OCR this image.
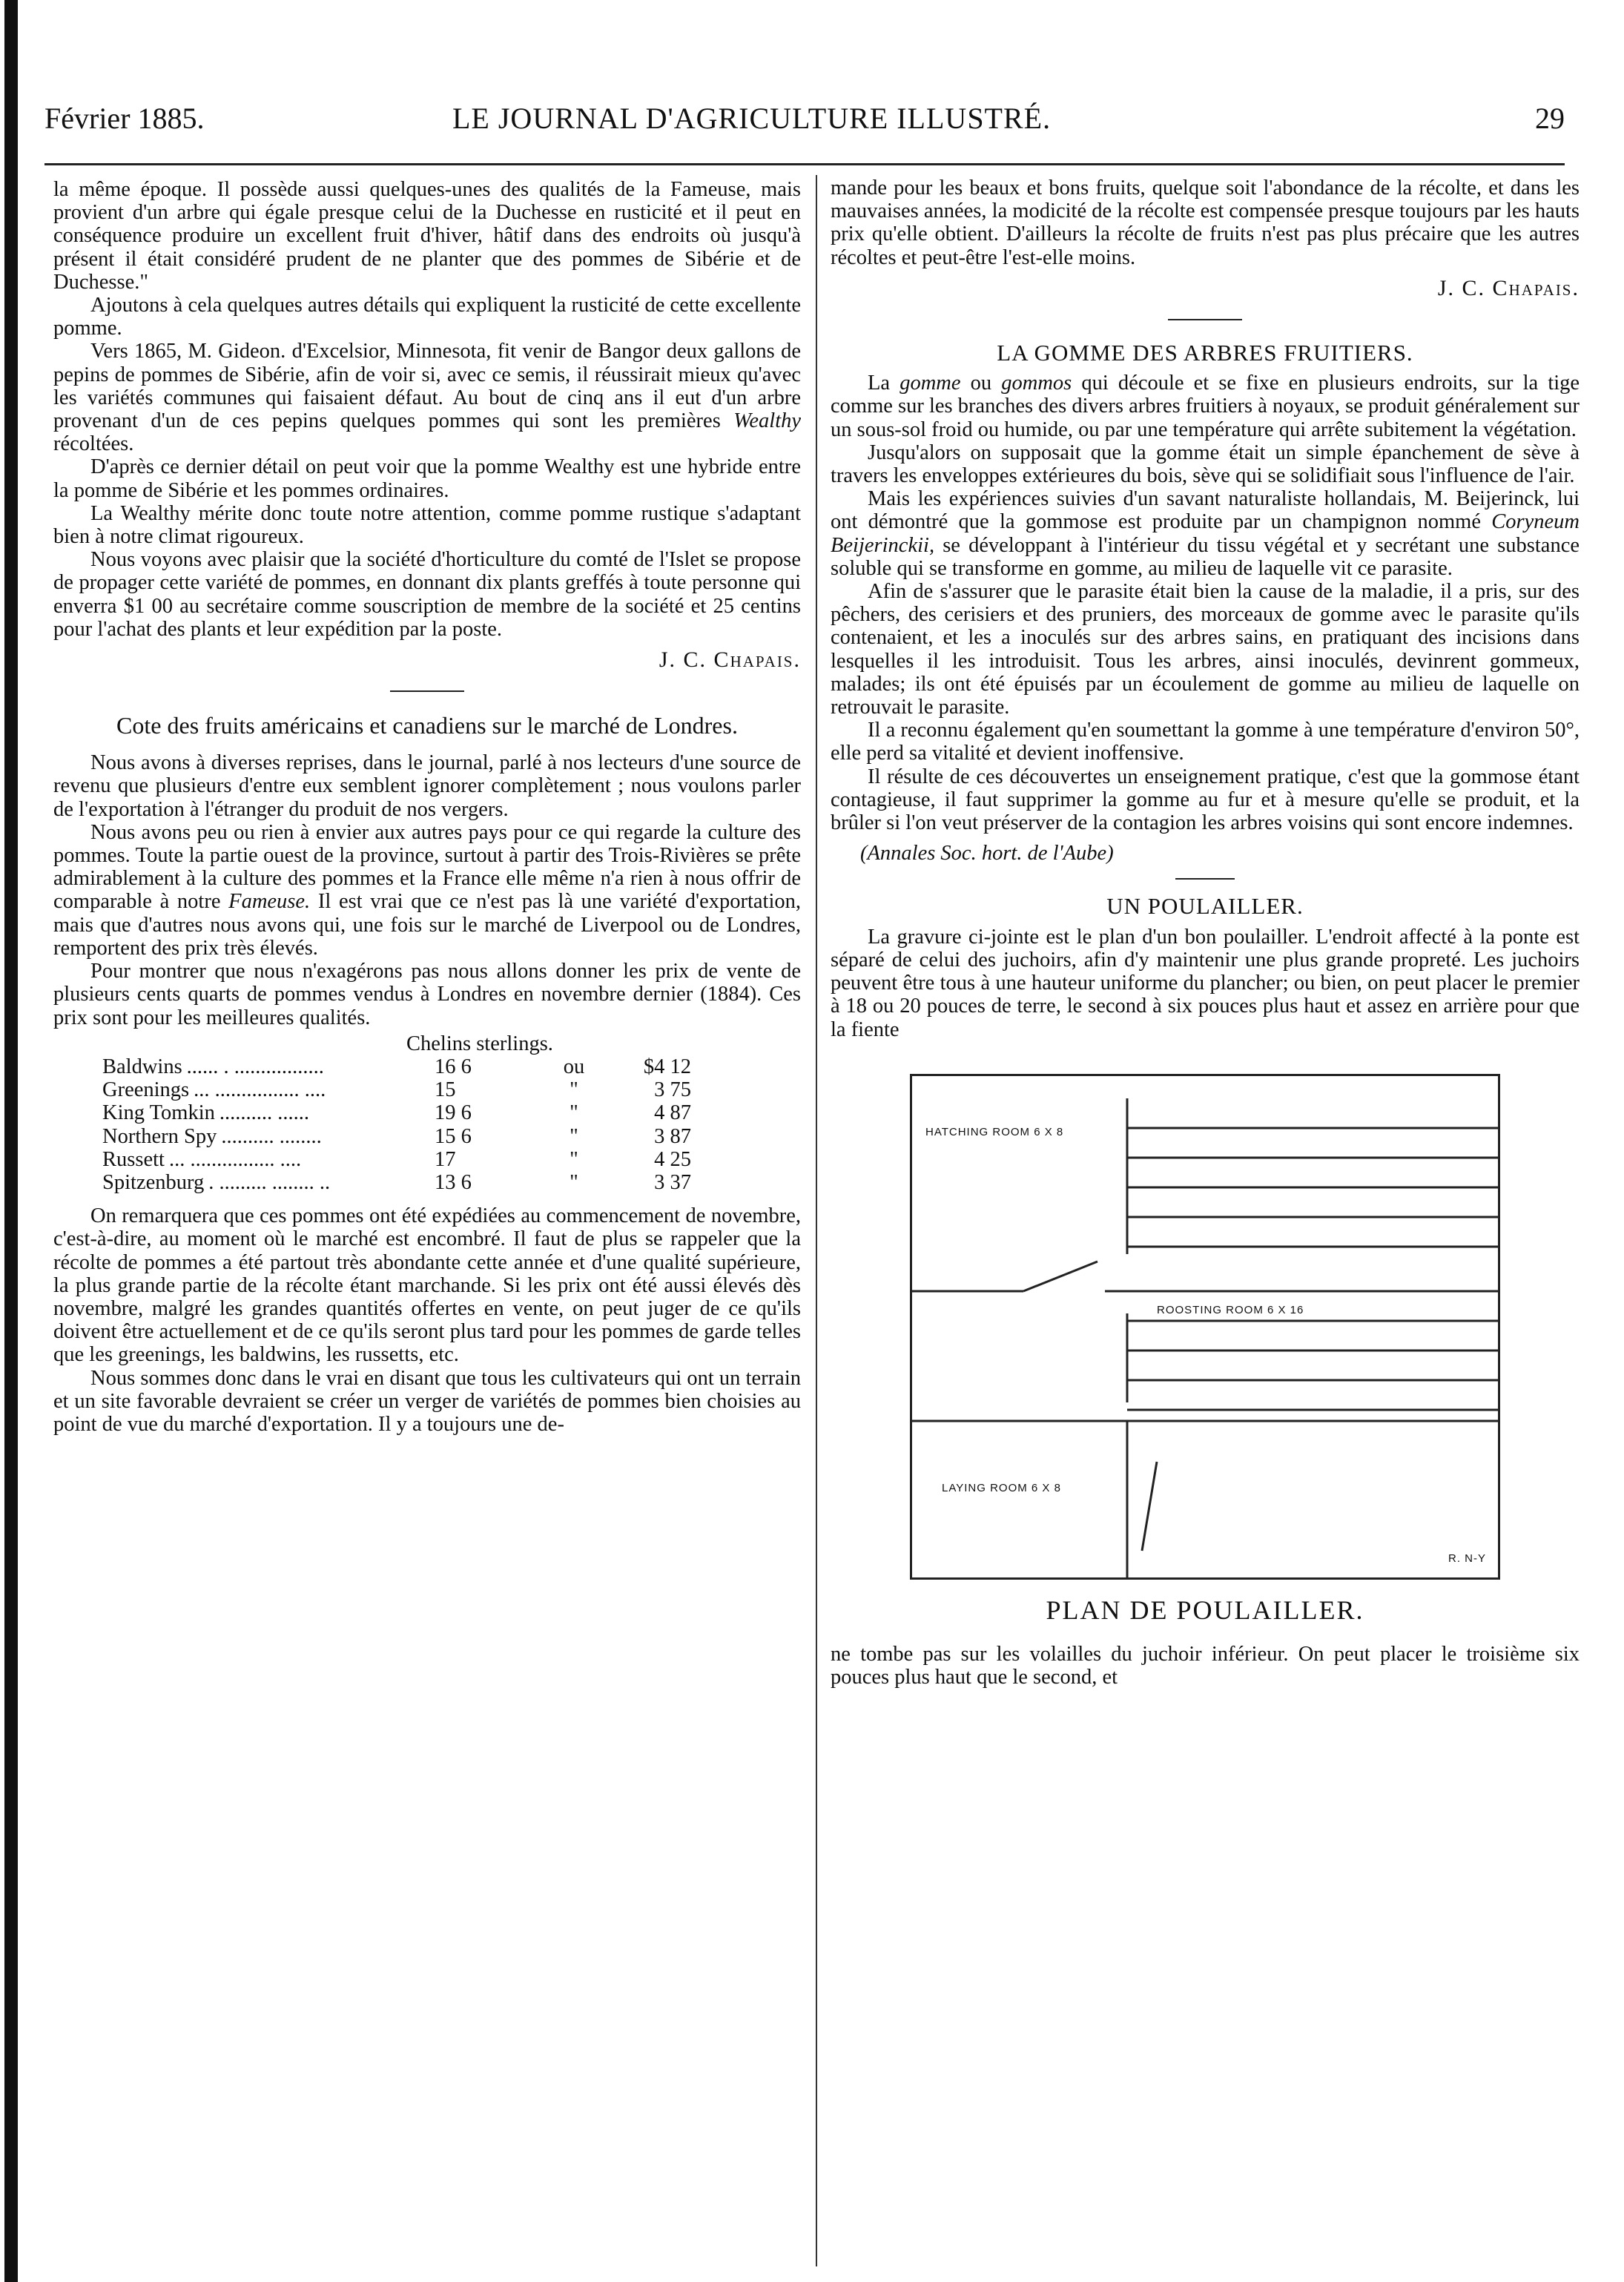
Février 1885.	LE JOURNAL D'AGRICULTURE ILLUSTRÉ.	29

la même époque. Il possède aussi quelques-unes des qualités de la Fameuse, mais provient d'un arbre qui égale presque celui de la Duchesse en rusticité et il peut en conséquence produire un excellent fruit d'hiver, hâtif dans des endroits où jusqu'à présent il était considéré prudent de ne planter que des pommes de Sibérie et de Duchesse."

Ajoutons à cela quelques autres détails qui expliquent la rusticité de cette excellente pomme.

Vers 1865, M. Gideon. d'Excelsior, Minnesota, fit venir de Bangor deux gallons de pepins de pommes de Sibérie, afin de voir si, avec ce semis, il réussirait mieux qu'avec les variétés communes qui faisaient défaut. Au bout de cinq ans il eut d'un arbre provenant d'un de ces pepins quelques pommes qui sont les premières Wealthy récoltées.

D'après ce dernier détail on peut voir que la pomme Wealthy est une hybride entre la pomme de Sibérie et les pommes ordinaires.

La Wealthy mérite donc toute notre attention, comme pomme rustique s'adaptant bien à notre climat rigoureux.

Nous voyons avec plaisir que la société d'horticulture du comté de l'Islet se propose de propager cette variété de pommes, en donnant dix plants greffés à toute personne qui enverra $1 00 au secrétaire comme souscription de membre de la société et 25 centins pour l'achat des plants et leur expédition par la poste.

J. C. Chapais.
Cote des fruits américains et canadiens sur le marché de Londres.

Nous avons à diverses reprises, dans le journal, parlé à nos lecteurs d'une source de revenu que plusieurs d'entre eux semblent ignorer complètement ; nous voulons parler de l'exportation à l'étranger du produit de nos vergers.

Nous avons peu ou rien à envier aux autres pays pour ce qui regarde la culture des pommes. Toute la partie ouest de la province, surtout à partir des Trois-Rivières se prête admirablement à la culture des pommes et la France elle même n'a rien à nous offrir de comparable à notre Fameuse. Il est vrai que ce n'est pas là une variété d'exportation, mais que d'autres nous avons qui, une fois sur le marché de Liverpool ou de Londres, remportent des prix très élevés.

Pour montrer que nous n'exagérons pas nous allons donner les prix de vente de plusieurs cents quarts de pommes vendus à Londres en novembre dernier (1884). Ces prix sont pour les meilleures qualités.

Chelins sterlings.			
Baldwins ...... . .................	16 6	ou	$4 12
Greenings ... ................ ....	15	"	3 75
King Tomkin .......... ......	19 6	"	4 87
Northern Spy .......... ........	15 6	"	3 87
Russett ... ................ ....	17	"	4 25
Spitzenburg . ......... ........ ..	13 6	"	3 37

On remarquera que ces pommes ont été expédiées au commencement de novembre, c'est-à-dire, au moment où le marché est encombré. Il faut de plus se rappeler que la récolte de pommes a été partout très abondante cette année et d'une qualité supérieure, la plus grande partie de la récolte étant marchande. Si les prix ont été aussi élevés dès novembre, malgré les grandes quantités offertes en vente, on peut juger de ce qu'ils doivent être actuellement et de ce qu'ils seront plus tard pour les pommes de garde telles que les greenings, les baldwins, les russetts, etc.

Nous sommes donc dans le vrai en disant que tous les cultivateurs qui ont un terrain et un site favorable devraient se créer un verger de variétés de pommes bien choisies au point de vue du marché d'exportation. Il y a toujours une de-

mande pour les beaux et bons fruits, quelque soit l'abondance de la récolte, et dans les mauvaises années, la modicité de la récolte est compensée presque toujours par les hauts prix qu'elle obtient. D'ailleurs la récolte de fruits n'est pas plus précaire que les autres récoltes et peut-être l'est-elle moins.

J. C. Chapais.
LA GOMME DES ARBRES FRUITIERS.

La gomme ou gommos qui découle et se fixe en plusieurs endroits, sur la tige comme sur les branches des divers arbres fruitiers à noyaux, se produit généralement sur un sous-sol froid ou humide, ou par une température qui arrête subitement la végétation.

Jusqu'alors on supposait que la gomme était un simple épanchement de sève à travers les enveloppes extérieures du bois, sève qui se solidifiait sous l'influence de l'air.

Mais les expériences suivies d'un savant naturaliste hollandais, M. Beijerinck, lui ont démontré que la gommose est produite par un champignon nommé Coryneum Beijerinckii, se développant à l'intérieur du tissu végétal et y secrétant une substance soluble qui se transforme en gomme, au milieu de laquelle vit ce parasite.

Afin de s'assurer que le parasite était bien la cause de la maladie, il a pris, sur des pêchers, des cerisiers et des pruniers, des morceaux de gomme avec le parasite qu'ils contenaient, et les a inoculés sur des arbres sains, en pratiquant des incisions dans lesquelles il les introduisit. Tous les arbres, ainsi inoculés, devinrent gommeux, malades; ils ont été épuisés par un écoulement de gomme au milieu de laquelle on retrouvait le parasite.

Il a reconnu également qu'en soumettant la gomme à une température d'environ 50°, elle perd sa vitalité et devient inoffensive.

Il résulte de ces découvertes un enseignement pratique, c'est que la gommose étant contagieuse, il faut supprimer la gomme au fur et à mesure qu'elle se produit, et la brûler si l'on veut préserver de la contagion les arbres voisins qui sont encore indemnes.

(Annales Soc. hort. de l'Aube)
UN POULAILLER.

La gravure ci-jointe est le plan d'un bon poulailler. L'endroit affecté à la ponte est séparé de celui des juchoirs, afin d'y maintenir une plus grande propreté. Les juchoirs peuvent être tous à une hauteur uniforme du plancher; ou bien, on peut placer le premier à 18 ou 20 pouces de terre, le second à six pouces plus haut et assez en arrière pour que la fiente

HATCHING ROOM 6 X 8
ROOSTING ROOM 6 X 16
LAYING ROOM 6 X 8
R. N-Y
PLAN DE POULAILLER.

ne tombe pas sur les volailles du juchoir inférieur. On peut placer le troisième six pouces plus haut que le second, et
